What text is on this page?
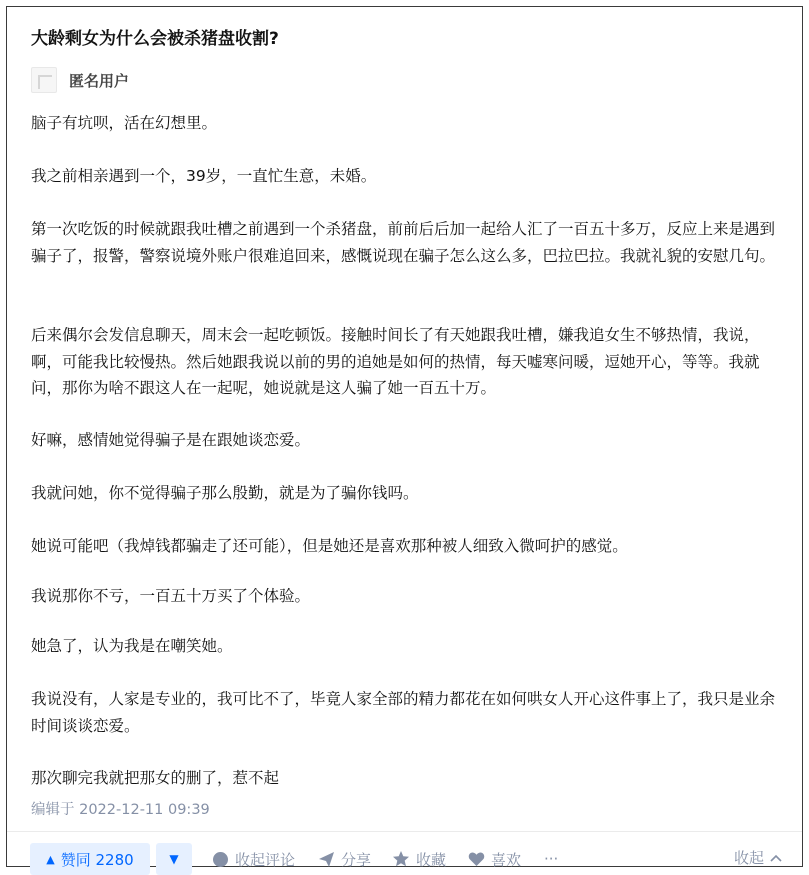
大龄剩女为什么会被杀猪盘收割?
匿名用户
脑子有坑呗，活在幻想里。
我之前相亲遇到一个，39岁，一直忙生意，未婚。
第一次吃饭的时候就跟我吐槽之前遇到一个杀猪盘，前前后后加一起给人汇了一百五十多万，反应上来是遇到骗子了，报警，警察说境外账户很难追回来，感慨说现在骗子怎么这么多，巴拉巴拉。我就礼貌的安慰几句。
后来偶尔会发信息聊天，周末会一起吃顿饭。接触时间长了有天她跟我吐槽，嫌我追女生不够热情，我说，啊，可能我比较慢热。然后她跟我说以前的男的追她是如何的热情，每天嘘寒问暖，逗她开心，等等。我就问，那你为啥不跟这人在一起呢，她说就是这人骗了她一百五十万。
好嘛，感情她觉得骗子是在跟她谈恋爱。
我就问她，你不觉得骗子那么殷勤，就是为了骗你钱吗。
她说可能吧（我焯钱都骗走了还可能），但是她还是喜欢那种被人细致入微呵护的感觉。
我说那你不亏，一百五十万买了个体验。
她急了，认为我是在嘲笑她。
我说没有，人家是专业的，我可比不了，毕竟人家全部的精力都花在如何哄女人开心这件事上了，我只是业余时间谈谈恋爱。
那次聊完我就把那女的删了，惹不起
编辑于 2022-12-11 09:39
▲ 赞同 2280	▼	收起评论	分享	收藏	喜欢 ···	收起
